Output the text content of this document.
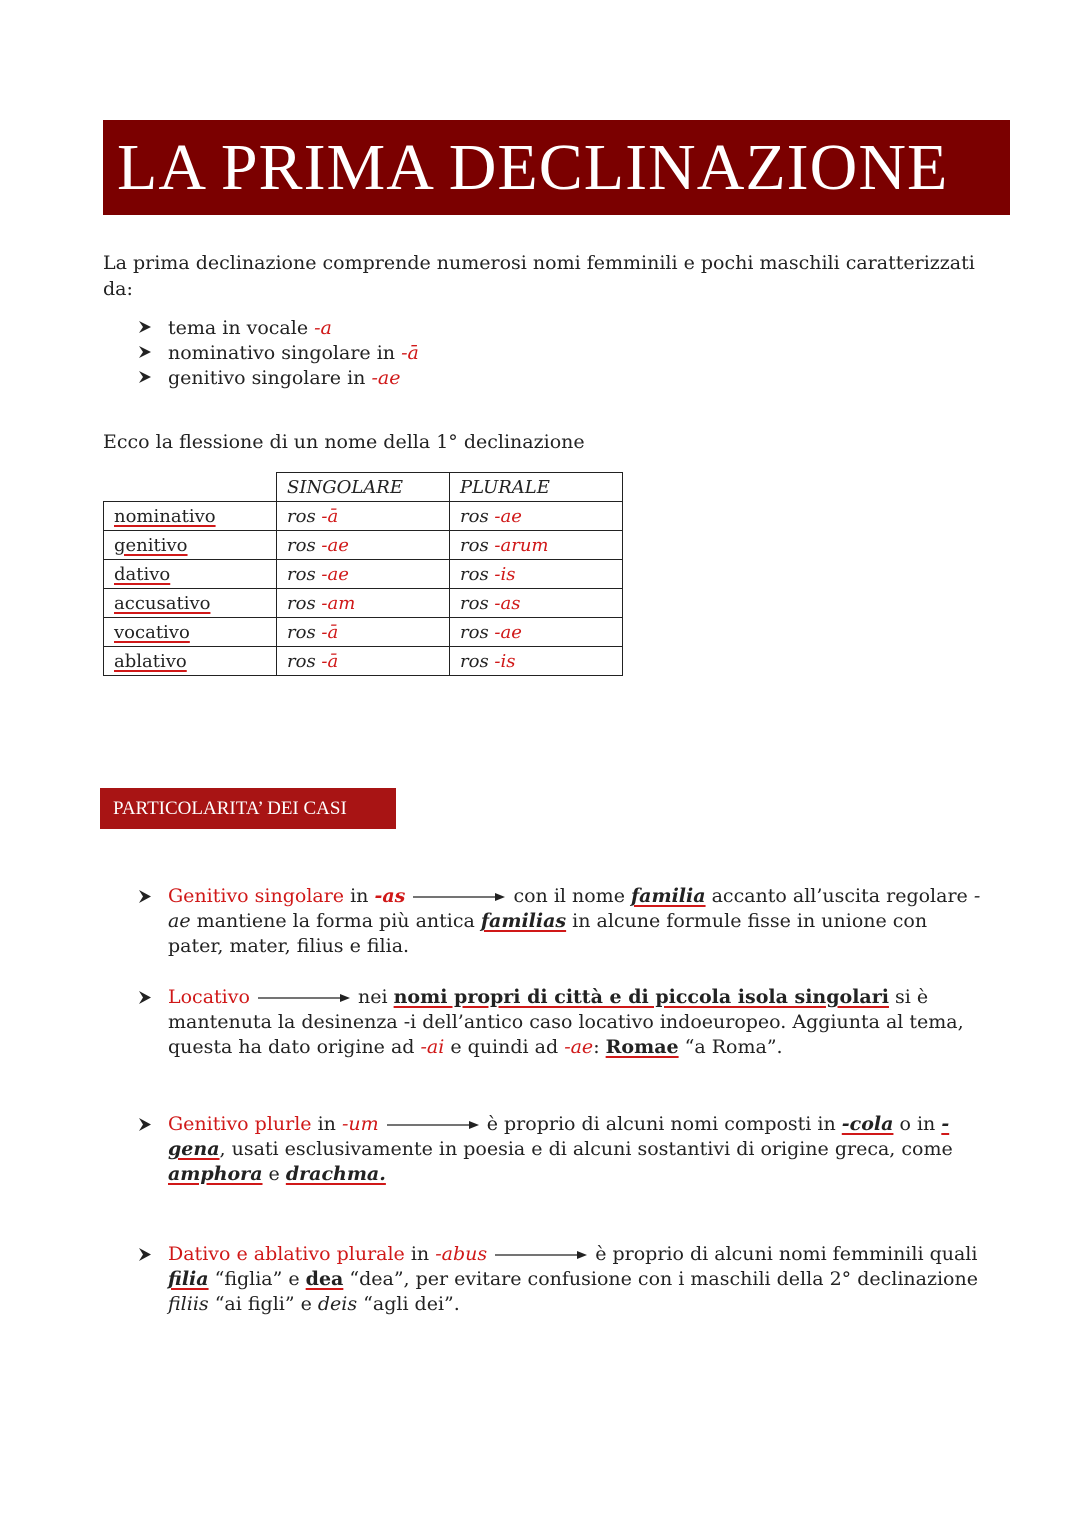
LA PRIMA DECLINAZIONE
La prima declinazione comprende numerosi nomi femminili e pochi maschili caratterizzati da:
tema in vocale
-a
nominativo singolare in
-ā
genitivo singolare in
-ae
Ecco la flessione di un nome della 1° declinazione
	SINGOLARE	PLURALE
nominativo	ros -ā	ros -ae
genitivo	ros -ae	ros -arum
dativo	ros -ae	ros -is
accusativo	ros -am	ros -as
vocativo	ros -ā	ros -ae
ablativo	ros -ā	ros -is
PARTICOLARITA’ DEI CASI
Genitivo singolare in -as	con il nome familia accanto all’uscita regolare -ae mantiene la forma più antica familias in alcune formule fisse in unione con pater, mater, filius e filia.
Locativo	nei nomi propri di città e di piccola isola singolari si è mantenuta la desinenza -i dell’antico caso locativo indoeuropeo. Aggiunta al tema, questa ha dato origine ad -ai e quindi ad -ae: Romae “a Roma”.
Genitivo plurle in -um	è proprio di alcuni nomi composti in -cola o in -gena, usati esclusivamente in poesia e di alcuni sostantivi di origine greca, come amphora e drachma.
Dativo e ablativo plurale in -abus	è proprio di alcuni nomi femminili quali filia “figlia” e dea “dea”, per evitare confusione con i maschili della 2° declinazione filiis “ai figli” e deis “agli dei”.
